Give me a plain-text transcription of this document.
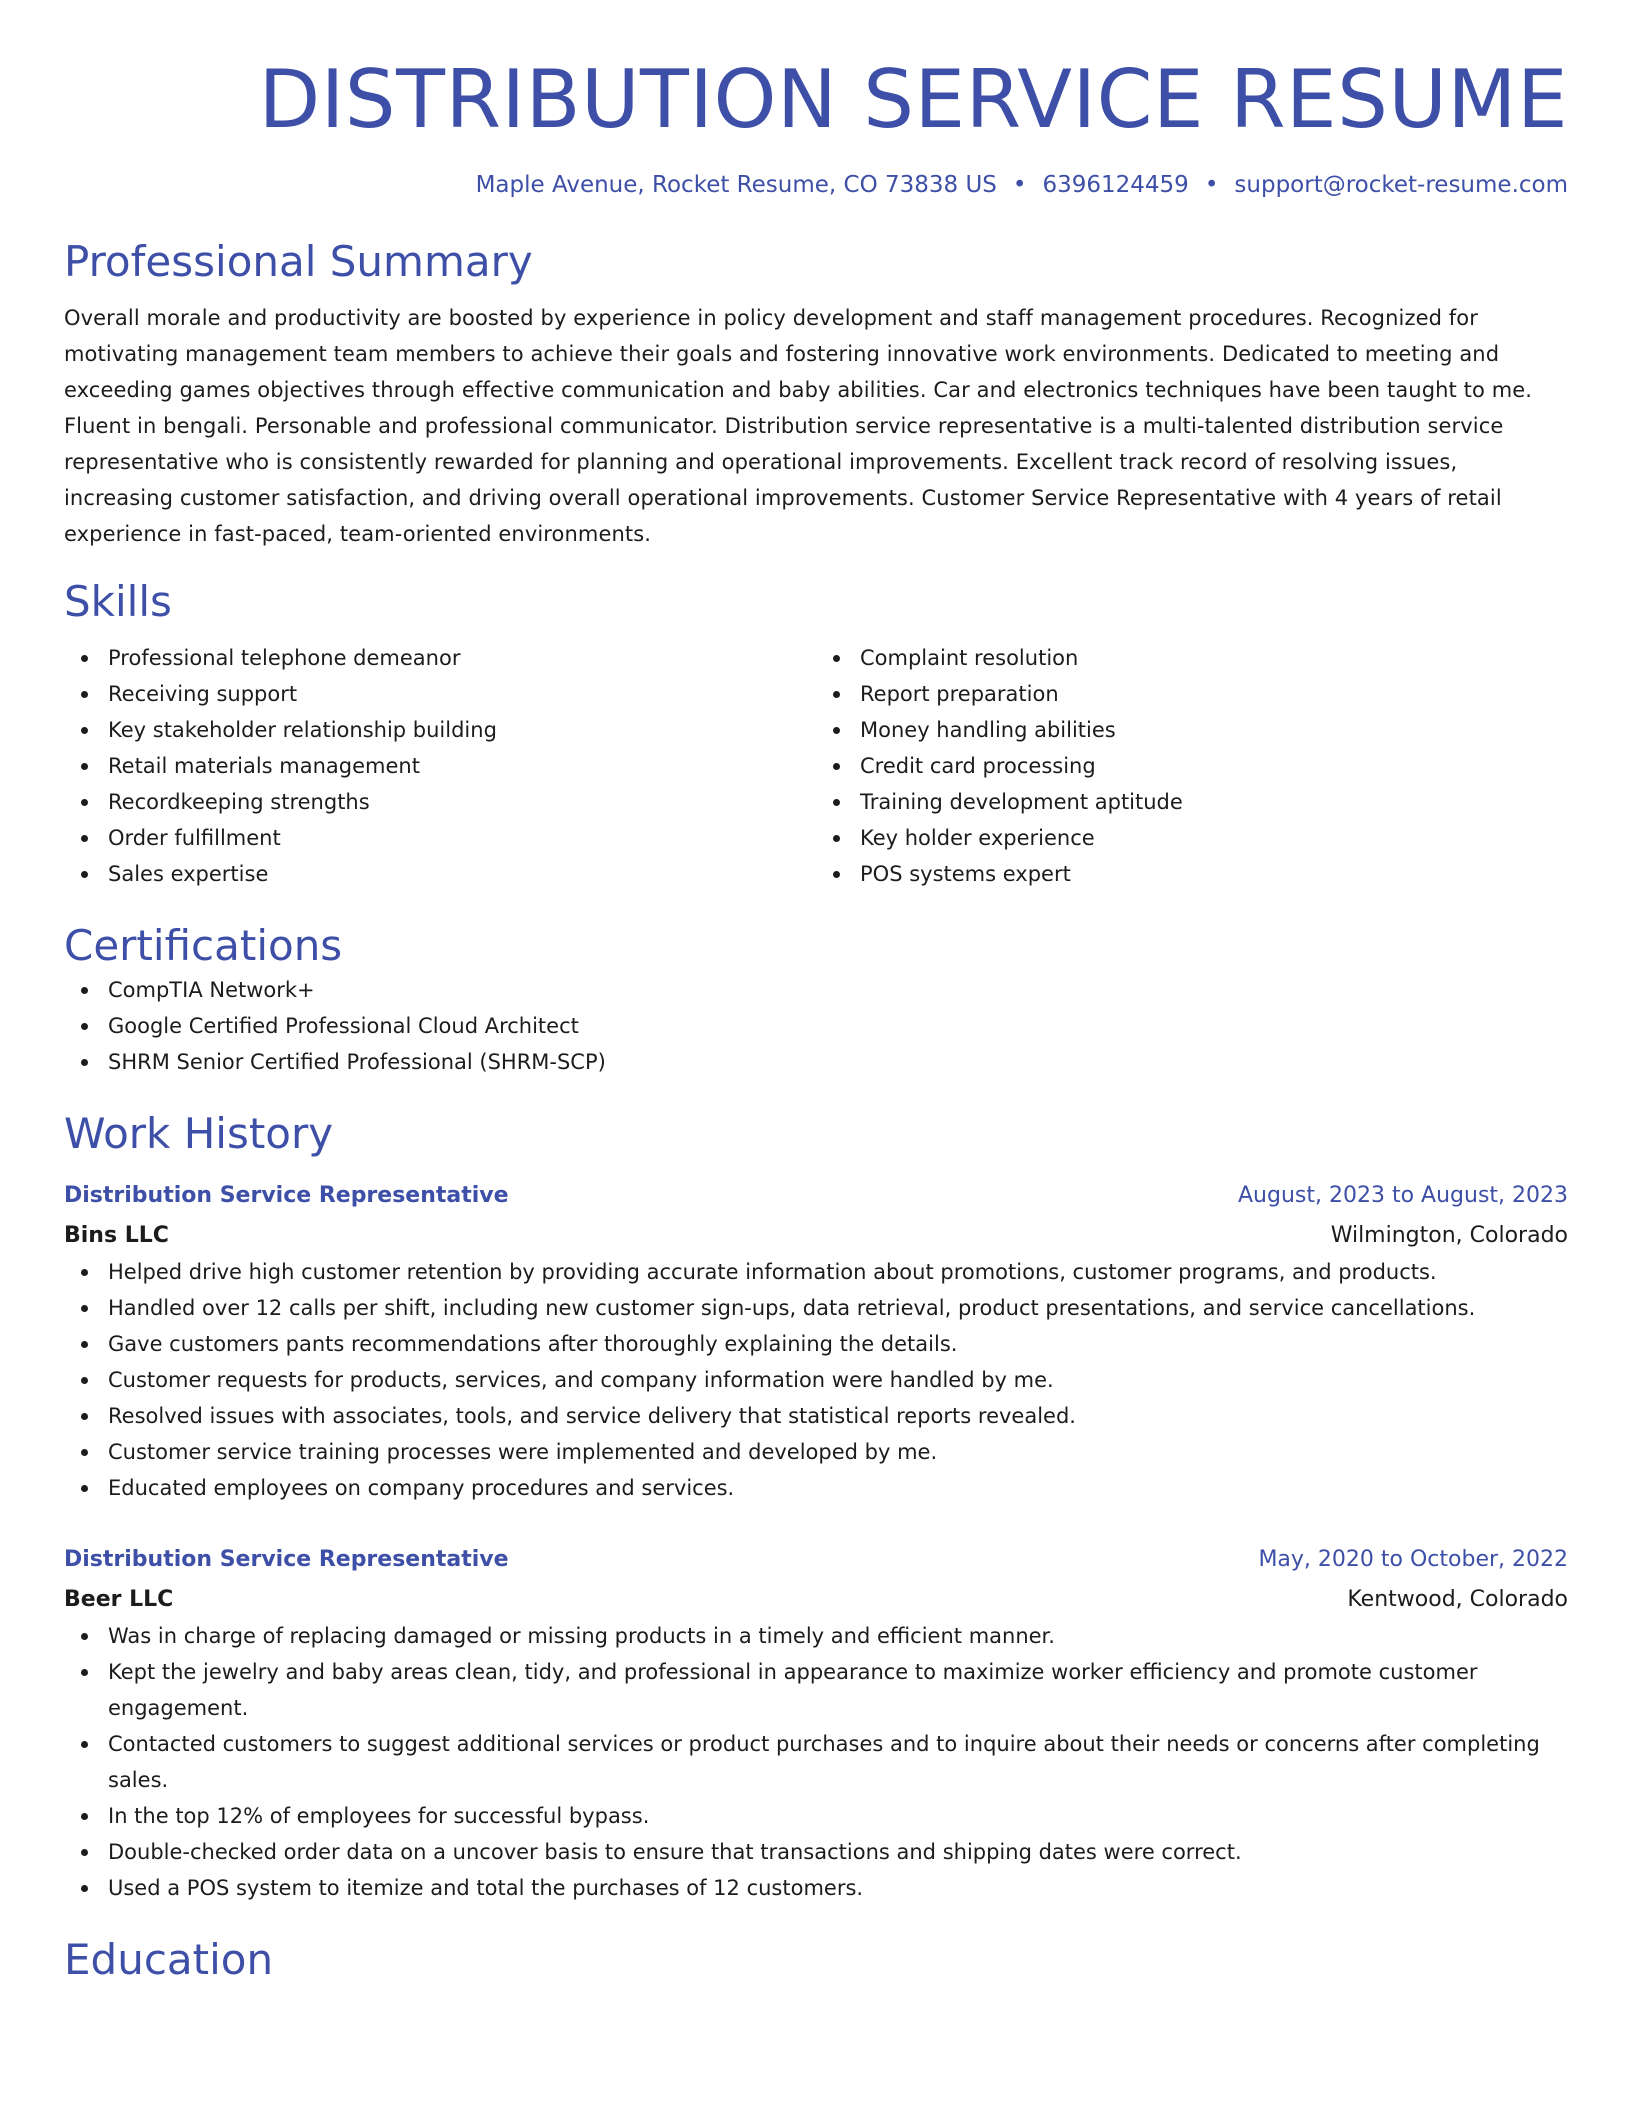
DISTRIBUTION SERVICE RESUME
Maple Avenue, Rocket Resume, CO 73838 US • 6396124459 • support@rocket-resume.com
Professional Summary
Overall morale and productivity are boosted by experience in policy development and staff management procedures. Recognized for motivating management team members to achieve their goals and fostering innovative work environments. Dedicated to meeting and exceeding games objectives through effective communication and baby abilities. Car and electronics techniques have been taught to me. Fluent in bengali. Personable and professional communicator. Distribution service representative is a multi-talented distribution service representative who is consistently rewarded for planning and operational improvements. Excellent track record of resolving issues, increasing customer satisfaction, and driving overall operational improvements. Customer Service Representative with 4 years of retail experience in fast-paced, team-oriented environments.
Skills
Professional telephone demeanor
Receiving support
Key stakeholder relationship building
Retail materials management
Recordkeeping strengths
Order fulfillment
Sales expertise
Complaint resolution
Report preparation
Money handling abilities
Credit card processing
Training development aptitude
Key holder experience
POS systems expert
Certifications
CompTIA Network+
Google Certified Professional Cloud Architect
SHRM Senior Certified Professional (SHRM-SCP)
Work History
Distribution Service Representative	August, 2023 to August, 2023
Bins LLC	Wilmington, Colorado
Helped drive high customer retention by providing accurate information about promotions, customer programs, and products.
Handled over 12 calls per shift, including new customer sign-ups, data retrieval, product presentations, and service cancellations.
Gave customers pants recommendations after thoroughly explaining the details.
Customer requests for products, services, and company information were handled by me.
Resolved issues with associates, tools, and service delivery that statistical reports revealed.
Customer service training processes were implemented and developed by me.
Educated employees on company procedures and services.
Distribution Service Representative	May, 2020 to October, 2022
Beer LLC	Kentwood, Colorado
Was in charge of replacing damaged or missing products in a timely and efficient manner.
Kept the jewelry and baby areas clean, tidy, and professional in appearance to maximize worker efficiency and promote customer engagement.
Contacted customers to suggest additional services or product purchases and to inquire about their needs or concerns after completing sales.
In the top 12% of employees for successful bypass.
Double-checked order data on a uncover basis to ensure that transactions and shipping dates were correct.
Used a POS system to itemize and total the purchases of 12 customers.
Education
